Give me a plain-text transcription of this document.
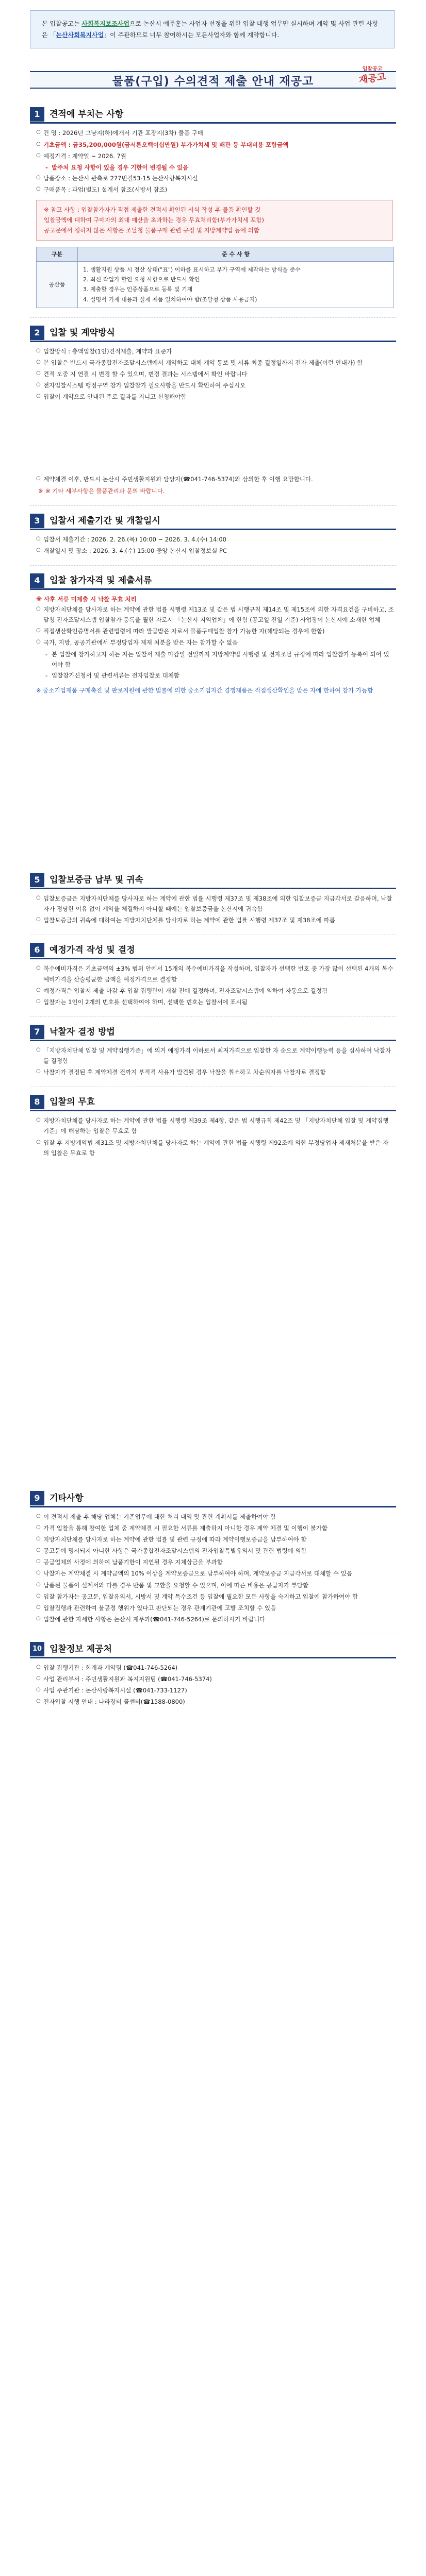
본 입찰공고는 사회복지보조사업으로 논산시 예주훈는 사업자 선정을 위한 입찰 대행 업무만 실시하며 계약 및 사업 관련 사항은 「논산사회복지사업」이 주관하므로 너무 참여하시는 모든사업자와 함께 계약합니다.
물품(구입) 수의견적 제출 안내 재공고
입찰공고
재공고
1	견적에 부치는 사항
○ 건 명 : 2026년 그냥지(하)에개서 기관 포장지(3차) 물품 구매
○ 기초금액 : 금35,200,000원(금서른오백이십만원) 부가가치세 및 배관 등 부대비용 포함금액
○ 예정가격 : 계약일 ~ 2026. 7월
- 발주처 요청 사항이 있을 경우 기한이 변경될 수 있음
○ 납품장소 : 논산시 관촉로 277번길53-15 논산사랑복지시설
○ 구매품목 : 과업(별도) 설계서 참조(시방서 참조)
※ 참고 사항 : 입찰참가자가 직접 제출한 견적서 확인된 서식 작성 후 물품 확인할 것
입찰금액에 대하여 구매자의 최대 예산을 초과하는 경우 무효처리함(부가가치세 포함)
공고문에서 정하지 않은 사항은 조달청 물품구매 관련 규정 및 지방계약법 등에 의함
구분	준 수 사 항
공산품	1. 생활지원 상품 시 정산 상태("표") 이하를 표시하고 부가 구역에 제작하는 방식을 준수
2. 최신 작업가 할인 요청 사항으로 반드시 확인
3. 제출할 경우는 인증상품으로 등록 및 기재
4. 설명서 기재 내용과 실제 제품 일치하여야 함(조달청 상품 사용금지)
2	입찰 및 계약방식
○ 입찰방식 : 총액입찰(1인)견적제출, 계약과 표준가
○ 본 입찰은 반드시 국가종합전자조달시스템에서 계약하고 대체 계약 통보 및 서류 최종 결정일까지 전자 제출(이런 안내가) 함
○ 견적 도중 지 연결 시 변경 할 수 있으며, 변경 결과는 시스템에서 확인 바랍니다
○ 전자입찰시스템 행정구역 참가 입찰참가 필요사항을 반드시 확인하여 주십시오
○ 입찰이 계약으로 안내된 주로 결과를 지니고 신청해야함
○ 계약체결 이후, 반드시 논산시 주민생활지원과 담당자(☎041-746-5374)와 상의한 후 이행 요망합니다.
※ ※ 기타 세부사항은 물품관리과 문의 바랍니다.
3	입찰서 제출기간 및 개찰일시
○ 입찰서 제출기간 : 2026. 2. 26.(목) 10:00 ~ 2026. 3. 4.(수) 14:00
○ 개찰일시 및 장소 : 2026. 3. 4.(수) 15:00 중앙 논산시 입찰정보실 PC
4	입찰 참가자격 및 제출서류
※ 사후 서류 미제출 시 낙찰 무효 처리
○ 지방자치단체를 당사자로 하는 계약에 관한 법률 시행령 제13조 및 같은 법 시행규칙 제14조 및 제15조에 의한 자격요건을 구비하고, 조달청 전자조달시스템 입찰참가 등록을 필한 자로서 「논산시 지역업체」에 한함 (공고일 전일 기준) 사업장이 논산시에 소재한 업체
○ 직접생산확인증명서를 관련법령에 따라 발급받은 자로서 물품구매입찰 참가 가능한 자(해당되는 경우에 한함)
○ 국가, 지방, 공공기관에서 부정당업자 제재 처분을 받은 자는 참가할 수 없음
- 본 입찰에 참가하고자 하는 자는 입찰서 제출 마감일 전일까지 지방계약법 시행령 및 전자조달 규정에 따라 입찰참가 등록이 되어 있어야 함
- 입찰참가신청서 및 관련서류는 전자입찰로 대체함
※ 중소기업제품 구매촉진 및 판로지원에 관한 법률에 의한 중소기업자간 경쟁제품은 직접생산확인을 받은 자에 한하여 참가 가능함
5	입찰보증금 납부 및 귀속
○ 입찰보증금은 지방자치단체를 당사자로 하는 계약에 관한 법률 시행령 제37조 및 제38조에 의한 입찰보증금 지급각서로 갈음하며, 낙찰자가 정당한 이유 없이 계약을 체결하지 아니할 때에는 입찰보증금을 논산시에 귀속함
○ 입찰보증금의 귀속에 대하여는 지방자치단체를 당사자로 하는 계약에 관한 법률 시행령 제37조 및 제38조에 따름
6	예정가격 작성 및 결정
○ 복수예비가격은 기초금액의 ±3% 범위 안에서 15개의 복수예비가격을 작성하며, 입찰자가 선택한 번호 중 가장 많이 선택된 4개의 복수예비가격을 산술평균한 금액을 예정가격으로 결정함
○ 예정가격은 입찰서 제출 마감 후 입찰 집행관이 개찰 전에 결정하며, 전자조달시스템에 의하여 자동으로 결정됨
○ 입찰자는 1인이 2개의 번호를 선택하여야 하며, 선택한 번호는 입찰서에 표시됨
7	낙찰자 결정 방법
○ 「지방자치단체 입찰 및 계약집행기준」에 의거 예정가격 이하로서 최저가격으로 입찰한 자 순으로 계약이행능력 등을 심사하여 낙찰자를 결정함
○ 낙찰자가 결정된 후 계약체결 전까지 부적격 사유가 발견될 경우 낙찰을 취소하고 차순위자를 낙찰자로 결정함
8	입찰의 무효
○ 지방자치단체를 당사자로 하는 계약에 관한 법률 시행령 제39조 제4항, 같은 법 시행규칙 제42조 및 「지방자치단체 입찰 및 계약집행기준」에 해당하는 입찰은 무효로 함
○ 입찰 후 지방계약법 제31조 및 지방자치단체를 당사자로 하는 계약에 관한 법률 시행령 제92조에 의한 부정당업자 제재처분을 받은 자의 입찰은 무효로 함
9	기타사항
○ 이 견적서 제출 후 해당 업체는 기존업무에 대한 처리 내역 및 관련 계획서를 제출하여야 함
○ 가격 입찰을 통해 참여한 업체 중 계약체결 시 필요한 서류를 제출하지 아니한 경우 계약 체결 및 이행이 불가함
○ 지방자치단체를 당사자로 하는 계약에 관한 법률 및 관련 규정에 따라 계약이행보증금을 납부하여야 함
○ 공고문에 명시되지 아니한 사항은 국가종합전자조달시스템의 전자입찰특별유의서 및 관련 법령에 의함
○ 공급업체의 사정에 의하여 납품기한이 지연될 경우 지체상금을 부과함
○ 낙찰자는 계약체결 시 계약금액의 10% 이상을 계약보증금으로 납부하여야 하며, 계약보증금 지급각서로 대체할 수 있음
○ 납품된 물품이 설계서와 다를 경우 반품 및 교환을 요청할 수 있으며, 이에 따른 비용은 공급자가 부담함
○ 입찰 참가자는 공고문, 입찰유의서, 시방서 및 계약 특수조건 등 입찰에 필요한 모든 사항을 숙지하고 입찰에 참가하여야 함
○ 입찰집행과 관련하여 불공정 행위가 있다고 판단되는 경우 관계기관에 고발 조치할 수 있음
○ 입찰에 관한 자세한 사항은 논산시 재무과(☎041-746-5264)로 문의하시기 바랍니다
10 입찰정보 제공처
○ 입찰 집행기관 : 회계과 계약팀 (☎041-746-5264)
○ 사업 관리부서 : 주민생활지원과 복지지원팀 (☎041-746-5374)
○ 사업 주관기관 : 논산사랑복지시설 (☎041-733-1127)
○ 전자입찰 시행 안내 : 나라장터 콜센터(☎1588-0800)
